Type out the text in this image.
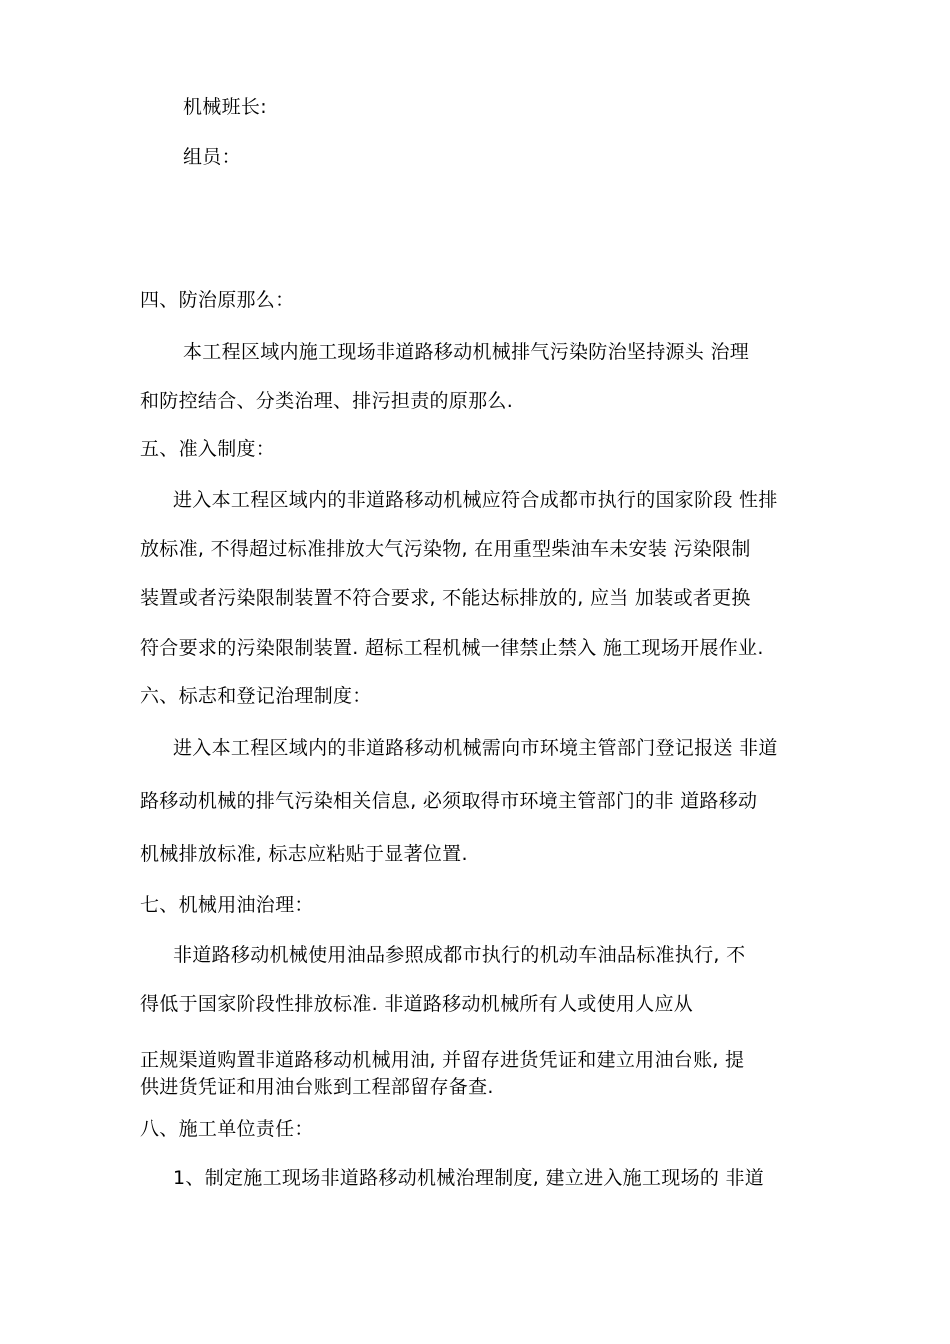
机械班长:
组员：
四、防治原那么：
本工程区域内施工现场非道路移动机械排气污染防治坚持源头 治理
和防控结合、分类治理、排污担责的原那么.
五、准入制度：
进入本工程区域内的非道路移动机械应符合成都市执行的国家阶段 性排
放标准, 不得超过标准排放大气污染物, 在用重型柴油车未安装 污染限制
装置或者污染限制装置不符合要求, 不能达标排放的, 应当 加装或者更换
符合要求的污染限制装置. 超标工程机械一律禁止禁入 施工现场开展作业.
六、标志和登记治理制度：
进入本工程区域内的非道路移动机械需向市环境主管部门登记报送 非道
路移动机械的排气污染相关信息, 必须取得市环境主管部门的非 道路移动
机械排放标准, 标志应粘贴于显著位置.
七、机械用油治理：
非道路移动机械使用油品参照成都市执行的机动车油品标准执行, 不
得低于国家阶段性排放标准. 非道路移动机械所有人或使用人应从
正规渠道购置非道路移动机械用油, 并留存进货凭证和建立用油台账, 提
供进货凭证和用油台账到工程部留存备查.
八、施工单位责任：
1、制定施工现场非道路移动机械治理制度, 建立进入施工现场的 非道
